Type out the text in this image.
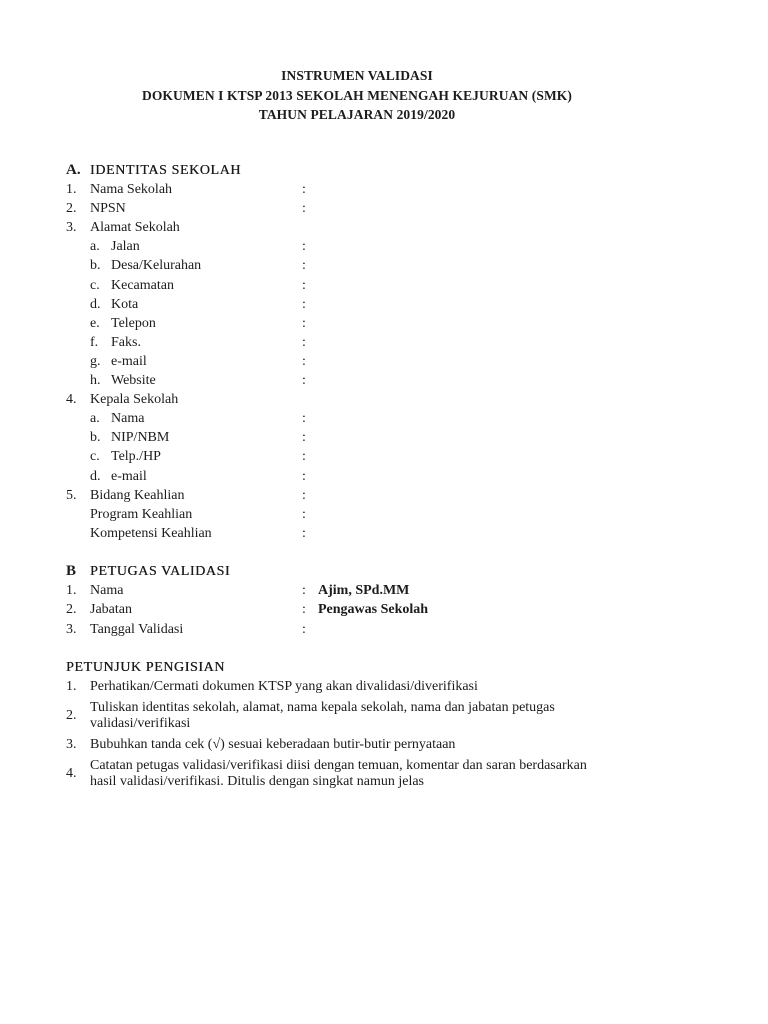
INSTRUMEN VALIDASI
DOKUMEN I KTSP 2013 SEKOLAH MENENGAH KEJURUAN (SMK)
TAHUN PELAJARAN 2019/2020
A. IDENTITAS SEKOLAH
1. Nama Sekolah	:
2. NPSN	:
3. Alamat Sekolah
a. Jalan	:
b. Desa/Kelurahan	:
c. Kecamatan	:
d. Kota	:
e. Telepon	:
f. Faks.	:
g. e-mail	:
h. Website	:
4. Kepala Sekolah
a. Nama	:
b. NIP/NBM	:
c. Telp./HP	:
d. e-mail	:
5. Bidang Keahlian	:
Program Keahlian	:
Kompetensi Keahlian	:
B PETUGAS VALIDASI
1. Nama	: Ajim, SPd.MM
2. Jabatan	: Pengawas Sekolah
3. Tanggal Validasi	:
PETUNJUK PENGISIAN
1. Perhatikan/Cermati dokumen KTSP yang akan divalidasi/diverifikasi
2.
Tuliskan identitas sekolah, alamat, nama kepala sekolah, nama dan jabatan petugas
validasi/verifikasi
3. Bubuhkan tanda cek (√) sesuai keberadaan butir-butir pernyataan
4.
Catatan petugas validasi/verifikasi diisi dengan temuan, komentar dan saran berdasarkan
hasil validasi/verifikasi. Ditulis dengan singkat namun jelas
